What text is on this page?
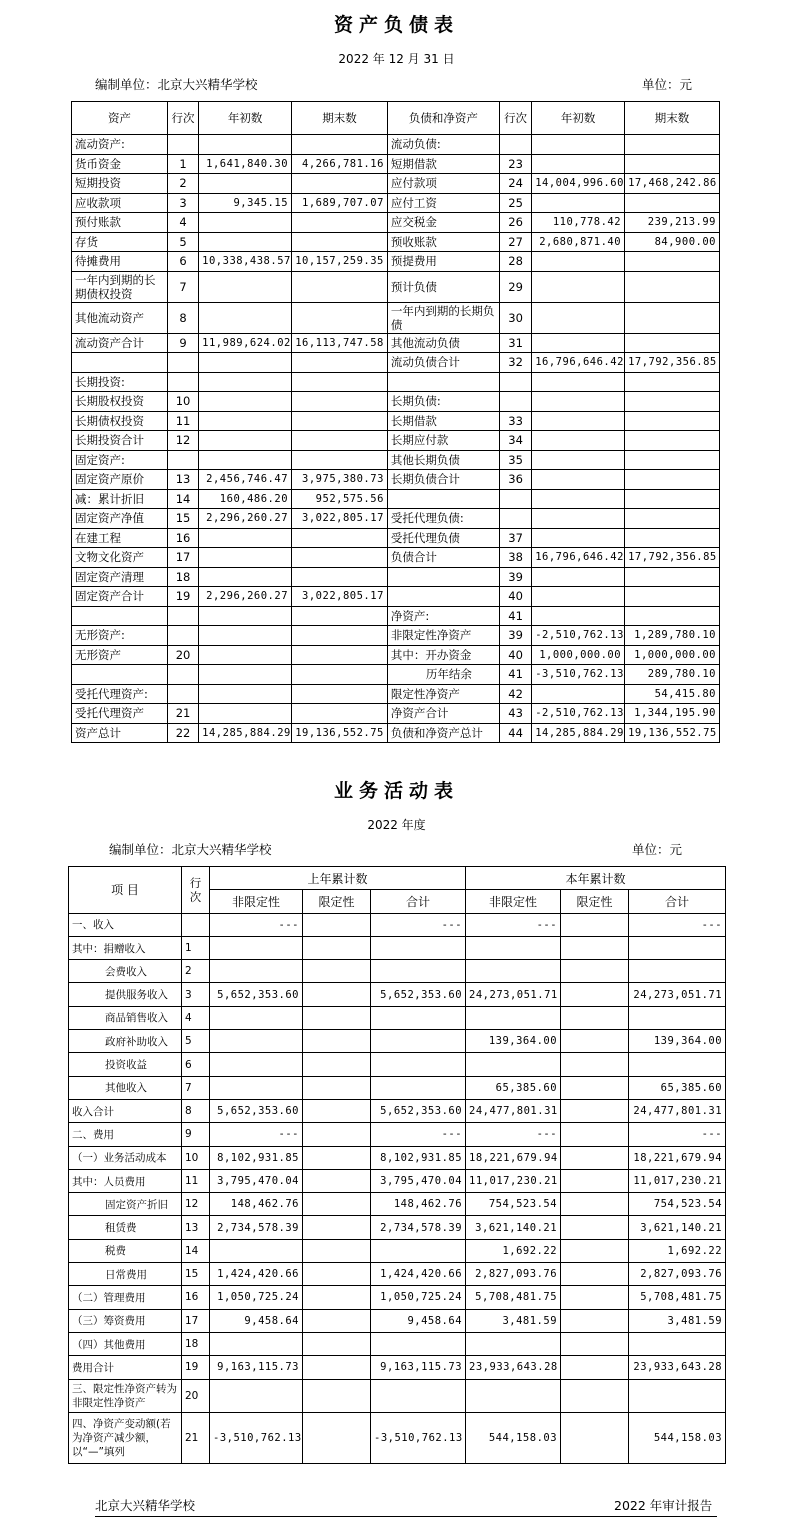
资产负债表
2022 年 12 月 31 日
编制单位：北京大兴精华学校	单位：元
资产	行次	年初数	期末数	负债和净资产	行次	年初数	期末数
流动资产:				流动负债:			
货币资金	1	1,641,840.30	4,266,781.16	短期借款	23		
短期投资	2			应付款项	24	14,004,996.60	17,468,242.86
应收款项	3	9,345.15	1,689,707.07	应付工资	25		
预付账款	4			应交税金	26	110,778.42	239,213.99
存货	5			预收账款	27	2,680,871.40	84,900.00
待摊费用	6	10,338,438.57	10,157,259.35	预提费用	28		
一年内到期的长期债权投资	7			预计负债	29		
其他流动资产	8			一年内到期的长期负债	30		
流动资产合计	9	11,989,624.02	16,113,747.58	其他流动负债	31		
				流动负债合计	32	16,796,646.42	17,792,356.85
长期投资:							
长期股权投资	10			长期负债:			
长期债权投资	11			长期借款	33		
长期投资合计	12			长期应付款	34		
固定资产:				其他长期负债	35		
固定资产原价	13	2,456,746.47	3,975,380.73	长期负债合计	36		
减：累计折旧	14	160,486.20	952,575.56				
固定资产净值	15	2,296,260.27	3,022,805.17	受托代理负债:			
在建工程	16			受托代理负债	37		
文物文化资产	17			负债合计	38	16,796,646.42	17,792,356.85
固定资产清理	18				39		
固定资产合计	19	2,296,260.27	3,022,805.17		40		
				净资产:	41		
无形资产:				非限定性净资产	39	-2,510,762.13	1,289,780.10
无形资产	20			其中：开办资金	40	1,000,000.00	1,000,000.00
				历年结余	41	-3,510,762.13	289,780.10
受托代理资产:				限定性净资产	42		54,415.80
受托代理资产	21			净资产合计	43	-2,510,762.13	1,344,195.90
资产总计	22	14,285,884.29	19,136,552.75	负债和净资产总计	44	14,285,884.29	19,136,552.75
业务活动表
2022 年度
编制单位：北京大兴精华学校	单位：元
项 目	行次	上年累计数			本年累计数		
		非限定性	限定性	合计	非限定性	限定性	合计
一、收入		---		---	---		---
其中：捐赠收入	1						
会费收入	2						
提供服务收入	3	5,652,353.60		5,652,353.60	24,273,051.71		24,273,051.71
商品销售收入	4						
政府补助收入	5				139,364.00		139,364.00
投资收益	6						
其他收入	7				65,385.60		65,385.60
收入合计	8	5,652,353.60		5,652,353.60	24,477,801.31		24,477,801.31
二、费用	9	---		---	---		---
（一）业务活动成本	10	8,102,931.85		8,102,931.85	18,221,679.94		18,221,679.94
其中：人员费用	11	3,795,470.04		3,795,470.04	11,017,230.21		11,017,230.21
固定资产折旧	12	148,462.76		148,462.76	754,523.54		754,523.54
租赁费	13	2,734,578.39		2,734,578.39	3,621,140.21		3,621,140.21
税费	14				1,692.22		1,692.22
日常费用	15	1,424,420.66		1,424,420.66	2,827,093.76		2,827,093.76
（二）管理费用	16	1,050,725.24		1,050,725.24	5,708,481.75		5,708,481.75
（三）筹资费用	17	9,458.64		9,458.64	3,481.59		3,481.59
（四）其他费用	18						
费用合计	19	9,163,115.73		9,163,115.73	23,933,643.28		23,933,643.28
三、限定性净资产转为非限定性净资产	20						
四、净资产变动额(若为净资产减少额，以“—”填列	21	-3,510,762.13		-3,510,762.13	544,158.03		544,158.03
北京大兴精华学校	2022 年审计报告
